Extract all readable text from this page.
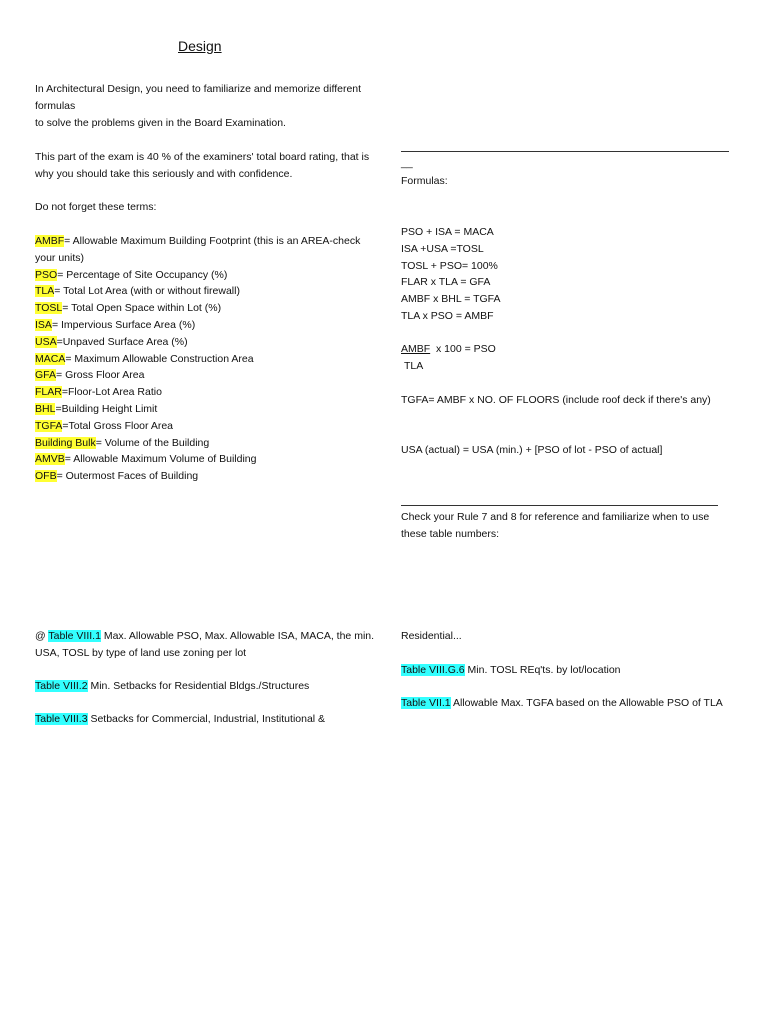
Design
In Architectural Design, you need to familiarize and memorize different
formulas
to solve the problems given in the Board Examination.
This part of the exam is 40 % of the examiners' total board rating, that is
why you should take this seriously and with confidence.
Do not forget these terms:
AMBF= Allowable Maximum Building Footprint (this is an AREA-check
your units)
PSO= Percentage of Site Occupancy (%)
TLA= Total Lot Area (with or without firewall)
TOSL= Total Open Space within Lot (%)
ISA= Impervious Surface Area (%)
USA=Unpaved Surface Area (%)
MACA= Maximum Allowable Construction Area
GFA= Gross Floor Area
FLAR=Floor-Lot Area Ratio
BHL=Building Height Limit
TGFA=Total Gross Floor Area
Building Bulk= Volume of the Building
AMVB= Allowable Maximum Volume of Building
OFB= Outermost Faces of Building
@ Table VIII.1 Max. Allowable PSO, Max. Allowable ISA, MACA, the min.
USA, TOSL by type of land use zoning per lot
Table VIII.2 Min. Setbacks for Residential Bldgs./Structures
Table VIII.3 Setbacks for Commercial, Industrial, Institutional &
__
Formulas:
PSO + ISA = MACA
ISA +USA =TOSL
TOSL + PSO= 100%
FLAR x TLA = GFA
AMBF x BHL = TGFA
TLA x PSO = AMBF
AMBF  x 100 = PSO
TLA
TGFA= AMBF x NO. OF FLOORS (include roof deck if there's any)
USA (actual) = USA (min.) + [PSO of lot - PSO of actual]
Check your Rule 7 and 8 for reference and familiarize when to use
these table numbers:
Residential...
Table VIII.G.6 Min. TOSL REq'ts. by lot/location
Table VII.1 Allowable Max. TGFA based on the Allowable PSO of TLA
